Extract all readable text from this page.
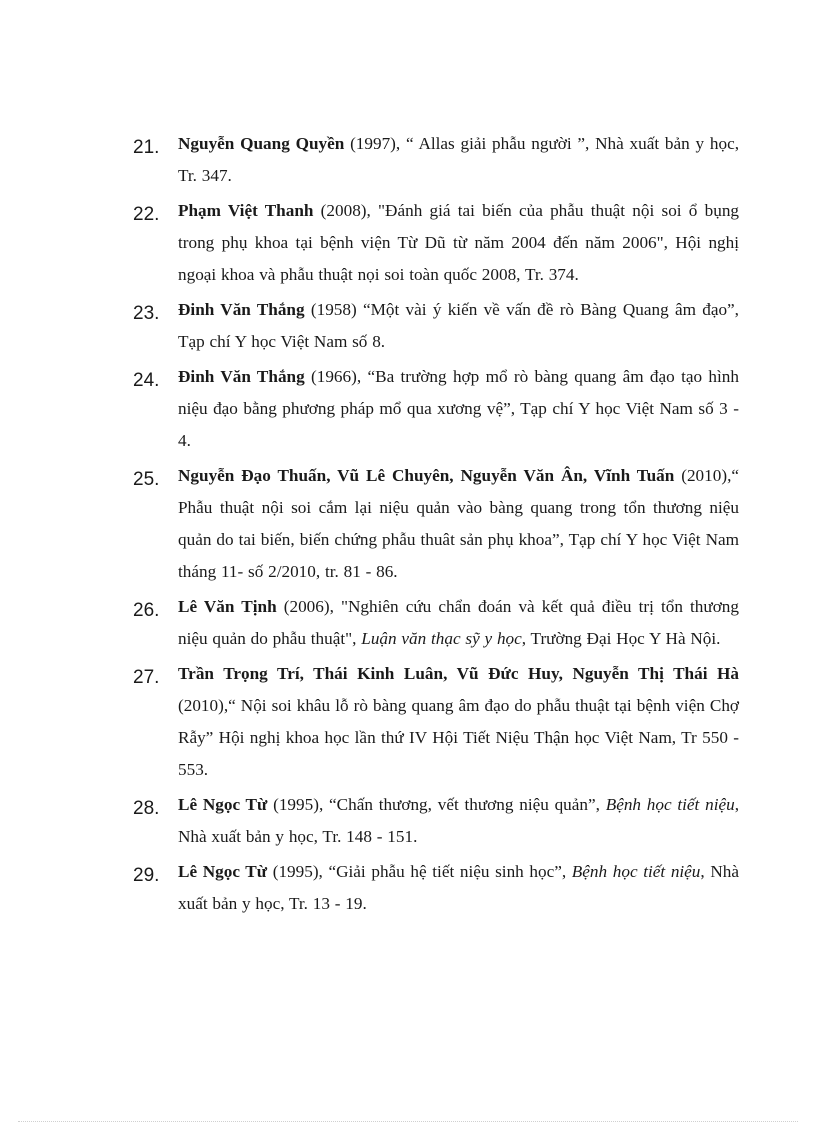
21.	Nguyễn Quang Quyền (1997), “ Allas giải phẫu người ”, Nhà xuất bản y học, Tr. 347.
22.	Phạm Việt Thanh (2008), "Đánh giá tai biến của phẫu thuật nội soi ổ bụng trong phụ khoa tại bệnh viện Từ Dũ từ năm 2004 đến năm 2006", Hội nghị ngoại khoa và phẫu thuật nọi soi toàn quốc 2008, Tr. 374.
23.	Đinh Văn Thắng (1958) “Một vài ý kiến về vấn đề rò Bàng Quang âm đạo”, Tạp chí Y học Việt Nam số 8.
24.	Đinh Văn Thắng (1966), “Ba trường hợp mổ rò bàng quang âm đạo tạo hình niệu đạo bằng phương pháp mổ qua xương vệ”, Tạp chí Y học Việt Nam số 3 - 4.
25.	Nguyễn Đạo Thuấn, Vũ Lê Chuyên, Nguyễn Văn Ân, Vĩnh Tuấn (2010),“ Phẫu thuật nội soi cắm lại niệu quản vào bàng quang trong tổn thương niệu quản do tai biến, biến chứng phẫu thuât sản phụ khoa”, Tạp chí Y học Việt Nam tháng 11- số 2/2010, tr. 81 - 86.
26.	Lê Văn Tịnh (2006), "Nghiên cứu chẩn đoán và kết quả điều trị tổn thương niệu quản do phẫu thuật", Luận văn thạc sỹ y học, Trường Đại Học Y Hà Nội.
27.	Trần Trọng Trí, Thái Kinh Luân, Vũ Đức Huy, Nguyễn Thị Thái Hà (2010),“ Nội soi khâu lỗ rò bàng quang âm đạo do phẫu thuật tại bệnh viện Chợ Rẫy” Hội nghị khoa học lần thứ IV Hội Tiết Niệu Thận học Việt Nam, Tr 550 - 553.
28.	Lê Ngọc Từ (1995), “Chấn thương, vết thương niệu quản”, Bệnh học tiết niệu, Nhà xuất bản y học, Tr. 148 - 151.
29.	Lê Ngọc Từ (1995), “Giải phẫu hệ tiết niệu sinh học”, Bệnh học tiết niệu, Nhà xuất bản y học, Tr. 13 - 19.
